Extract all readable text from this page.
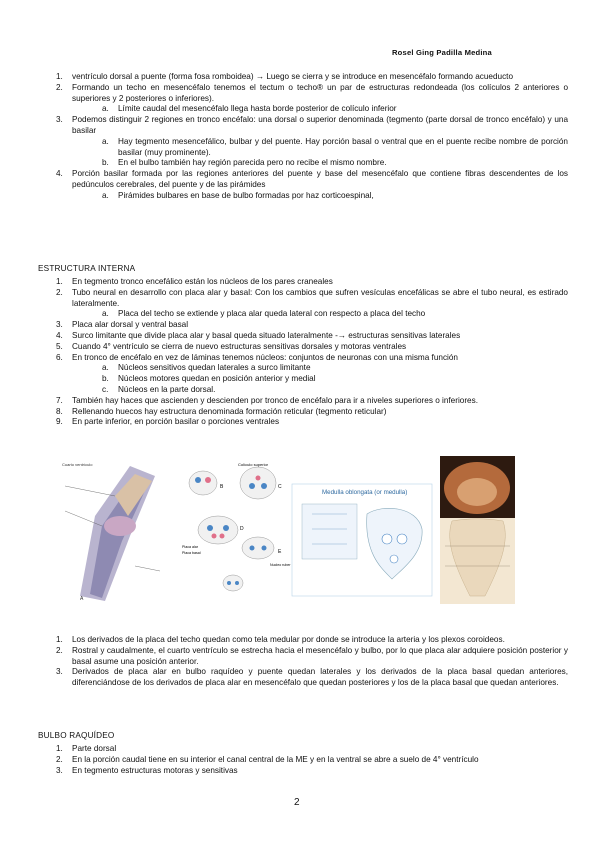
Rosel Ging Padilla Medina
1.	ventrículo dorsal a puente (forma fosa romboidea) → Luego se cierra y se introduce en mesencéfalo formando acueducto
2.	Formando un techo en mesencéfalo tenemos el tectum o techo® un par de estructuras redondeada (los colículos 2 anteriores o superiores y 2 posteriores o inferiores).
a. Límite caudal del mesencéfalo llega hasta borde posterior de colículo inferior
3.	Podemos distinguir 2 regiones en tronco encéfalo: una dorsal o superior denominada (tegmento (parte dorsal de tronco encéfalo) y una basilar
a. Hay tegmento mesencefálico, bulbar y del puente. Hay porción basal o ventral que en el puente recibe nombre de porción basilar (muy prominente).
b. En el bulbo también hay región parecida pero no recibe el mismo nombre.
4.	Porción basilar formada por las regiones anteriores del puente y base del mesencéfalo que contiene fibras descendentes de los pedúnculos cerebrales, del puente y de las pirámides
a. Pirámides bulbares en base de bulbo formadas por haz corticoespinal,
ESTRUCTURA INTERNA
1.	En tegmento tronco encefálico están los núcleos de los pares craneales
2.	Tubo neural en desarrollo con placa alar y basal: Con los cambios que sufren vesículas encefálicas se abre el tubo neural, es estirado lateralmente.
a. Placa del techo se extiende y placa alar queda lateral con respecto a placa del techo
3.	Placa alar dorsal y ventral basal
4.	Surco limitante que divide placa alar y basal queda situado lateralmente -→ estructuras sensitivas laterales
5.	Cuando 4° ventrículo se cierra de nuevo estructuras sensitivas dorsales y motoras ventrales
6.	En tronco de encéfalo en vez de láminas tenemos núcleos: conjuntos de neuronas con una misma función
a. Núcleos sensitivos quedan laterales a surco limitante
b. Núcleos motores quedan en posición anterior y medial
c. Núcleos en la parte dorsal.
7.	También hay haces que ascienden y descienden por tronco de encéfalo para ir a niveles superiores o inferiores.
8.	Rellenando huecos hay estructura denominada formación reticular (tegmento reticular)
9.	En parte inferior, en porción basilar o porciones ventrales
Cuarto ventrículo
A
B
Colículo superior
C
D
Placa alar
Placa basal
Nucleo ruber
E
Medulla oblongata (or medulla)
1.	Los derivados de la placa del techo quedan como tela medular por donde se introduce la arteria y los plexos coroideos.
2.	Rostral y caudalmente, el cuarto ventrículo se estrecha hacia el mesencéfalo y bulbo, por lo que placa alar adquiere posición posterior y basal asume una posición anterior.
3.	Derivados de placa alar en bulbo raquídeo y puente quedan laterales y los derivados de la placa basal quedan anteriores, diferenciándose de los derivados de placa alar en mesencéfalo que quedan posteriores y los de la placa basal que quedan anteriores.
BULBO RAQUÍDEO
1.	Parte dorsal
2.	En la porción caudal tiene en su interior el canal central de la ME y en la ventral se abre a suelo de 4° ventrículo
3.	En tegmento estructuras motoras y sensitivas
2
